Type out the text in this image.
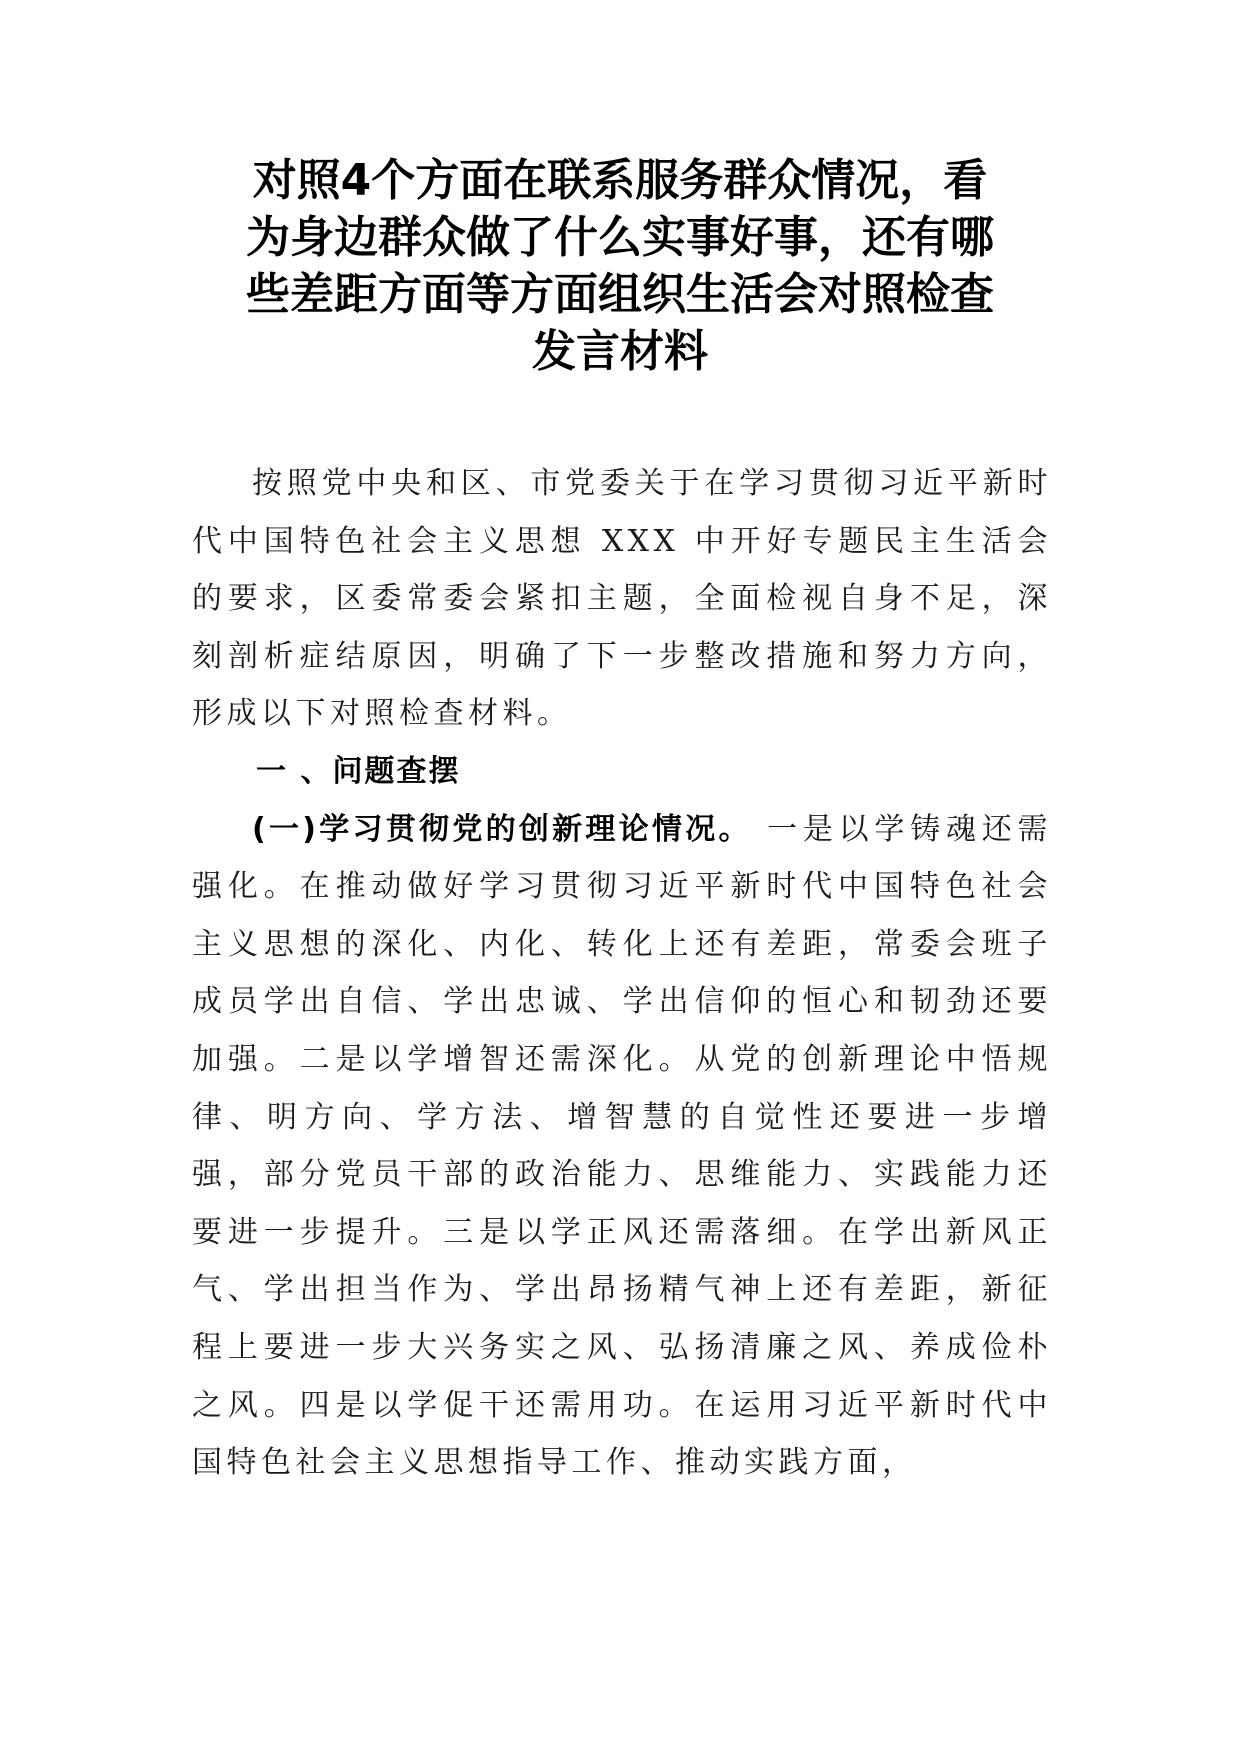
对照4个方面在联系服务群众情况，看
为身边群众做了什么实事好事，还有哪
些差距方面等方面组织生活会对照检查
发言材料

按照党中央和区、市党委关于在学习贯彻习近平新时代中国特色社会主义思想 XXX 中开好专题民主生活会的要求，区委常委会紧扣主题，全面检视自身不足，深刻剖析症结原因，明确了下一步整改措施和努力方向，形成以下对照检查材料。

一 、问题查摆

(一)学习贯彻党的创新理论情况。 一是以学铸魂还需强化。在推动做好学习贯彻习近平新时代中国特色社会主义思想的深化、内化、转化上还有差距，常委会班子成员学出自信、学出忠诚、学出信仰的恒心和韧劲还要加强。二是以学增智还需深化。从党的创新理论中悟规律、明方向、学方法、增智慧的自觉性还要进一步增强，部分党员干部的政治能力、思维能力、实践能力还要进一步提升。三是以学正风还需落细。在学出新风正气、学出担当作为、学出昂扬精气神上还有差距，新征程上要进一步大兴务实之风、弘扬清廉之风、养成俭朴之风。四是以学促干还需用功。在运用习近平新时代中国特色社会主义思想指导工作、推动实践方面，
